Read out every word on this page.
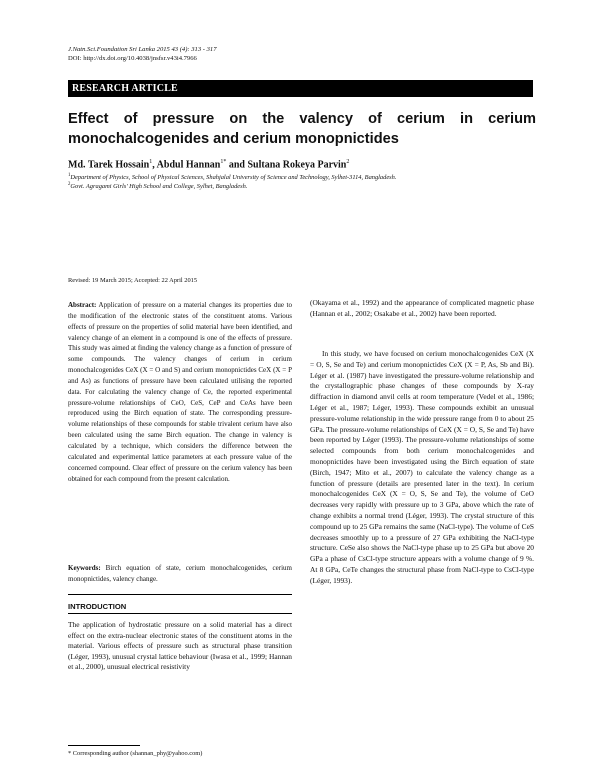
J.Natn.Sci.Foundation Sri Lanka 2015 43 (4): 313 - 317
DOI: http://dx.doi.org/10.4038/jnsfsr.v43i4.7966
RESEARCH ARTICLE
Effect of pressure on the valency of cerium in cerium monochalcogenides and cerium monopnictides
Md. Tarek Hossain$^1$, Abdul Hannan$^{1*}$ and Sultana Rokeya Parvin$^2$
$^1$Department of Physics, School of Physical Sciences, Shahjalal University of Science and Technology, Sylhet-3114, Bangladesh.
$^2$Govt. Agragami Girls' High School and College, Sylhet, Bangladesh.
Revised: 19 March 2015; Accepted: 22 April 2015
Abstract: Application of pressure on a material changes its properties due to the modification of the electronic states of the constituent atoms. Various effects of pressure on the properties of solid material have been identified, and valency change of an element in a compound is one of the effects of pressure. This study was aimed at finding the valency change as a function of pressure of some compounds. The valency changes of cerium in cerium monochalcogenides CeX (X = O and S) and cerium monopnictides CeX (X = P and As) as functions of pressure have been calculated utilising the reported data. For calculating the valency change of Ce, the reported experimental pressure-volume relationships of CeO, CeS, CeP and CeAs have been reproduced using the Birch equation of state. The corresponding pressure-volume relationships of these compounds for stable trivalent cerium have also been calculated using the same Birch equation. The change in valency is calculated by a technique, which considers the difference between the calculated and experimental lattice parameters at each pressure value of the concerned compound. Clear effect of pressure on the cerium valency has been obtained for each compound from the present calculation.
Keywords: Birch equation of state, cerium monochalcogenides, cerium monopnictides, valency change.
INTRODUCTION
The application of hydrostatic pressure on a solid material has a direct effect on the extra-nuclear electronic states of the constituent atoms in the material. Various effects of pressure such as structural phase transition (Léger, 1993), unusual crystal lattice behaviour (Iwasa et al., 1999; Hannan et al., 2000), unusual electrical resistivity
(Okayama et al., 1992) and the appearance of complicated magnetic phase (Hannan et al., 2002; Osakabe et al., 2002) have been reported.
In this study, we have focused on cerium monochalcogenides CeX (X = O, S, Se and Te) and cerium monopnictides CeX (X = P, As, Sb and Bi). Léger et al. (1987) have investigated the pressure-volume relationship and the crystallographic phase changes of these compounds by X-ray diffraction in diamond anvil cells at room temperature (Vedel et al., 1986; Léger et al., 1987; Léger, 1993). These compounds exhibit an unusual pressure-volume relationship in the wide pressure range from 0 to about 25 GPa. The pressure-volume relationships of CeX (X = O, S, Se and Te) have been reported by Léger (1993). The pressure-volume relationships of some selected compounds from both cerium monochalcogenides and monopnictides have been investigated using the Birch equation of state (Birch, 1947; Mito et al., 2007) to calculate the valency change as a function of pressure (details are presented later in the text). In cerium monochalcogenides CeX (X = O, S, Se and Te), the volume of CeO decreases very rapidly with pressure up to 3 GPa, above which the rate of change exhibits a normal trend (Léger, 1993). The crystal structure of this compound up to 25 GPa remains the same (NaCl-type). The volume of CeS decreases smoothly up to a pressure of 27 GPa exhibiting the NaCl-type structure. CeSe also shows the NaCl-type phase up to 25 GPa but above 20 GPa a phase of CsCl-type structure appears with a volume change of 9 %. At 8 GPa, CeTe changes the structural phase from NaCl-type to CsCl-type (Léger, 1993).
* Corresponding author (shannan_phy@yahoo.com)
